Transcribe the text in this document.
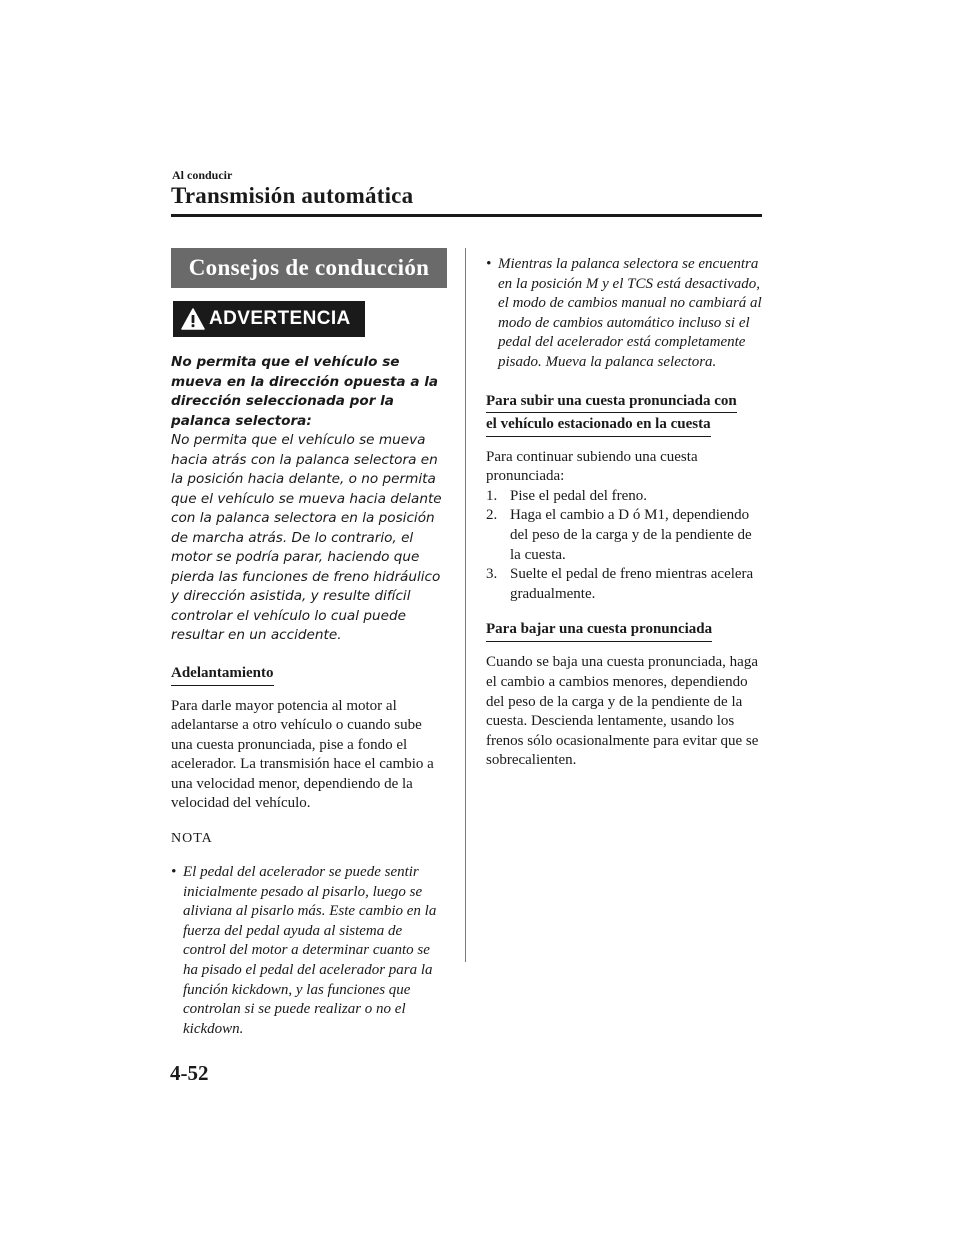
Al conducir
Transmisión automática
Consejos de conducción
ADVERTENCIA
No permita que el vehículo se mueva en la dirección opuesta a la dirección seleccionada por la palanca selectora:
No permita que el vehículo se mueva hacia atrás con la palanca selectora en la posición hacia delante, o no permita que el vehículo se mueva hacia delante con la palanca selectora en la posición de marcha atrás. De lo contrario, el motor se podría parar, haciendo que pierda las funciones de freno hidráulico y dirección asistida, y resulte difícil controlar el vehículo lo cual puede resultar en un accidente.
Adelantamiento

Para darle mayor potencia al motor al adelantarse a otro vehículo o cuando sube una cuesta pronunciada, pise a fondo el acelerador. La transmisión hace el cambio a una velocidad menor, dependiendo de la velocidad del vehículo.

NOTA
• El pedal del acelerador se puede sentir inicialmente pesado al pisarlo, luego se aliviana al pisarlo más. Este cambio en la fuerza del pedal ayuda al sistema de control del motor a determinar cuanto se ha pisado el pedal del acelerador para la función kickdown, y las funciones que controlan si se puede realizar o no el kickdown.
• Mientras la palanca selectora se encuentra en la posición M y el TCS está desactivado, el modo de cambios manual no cambiará al modo de cambios automático incluso si el pedal del acelerador está completamente pisado. Mueva la palanca selectora.
Para subir una cuesta pronunciada con
el vehículo estacionado en la cuesta

Para continuar subiendo una cuesta pronunciada:

1. Pise el pedal del freno.
2. Haga el cambio a D ó M1, dependiendo del peso de la carga y de la pendiente de la cuesta.
3. Suelte el pedal de freno mientras acelera gradualmente.
Para bajar una cuesta pronunciada

Cuando se baja una cuesta pronunciada, haga el cambio a cambios menores, dependiendo del peso de la carga y de la pendiente de la cuesta. Descienda lentamente, usando los frenos sólo ocasionalmente para evitar que se sobrecalienten.

4-52
